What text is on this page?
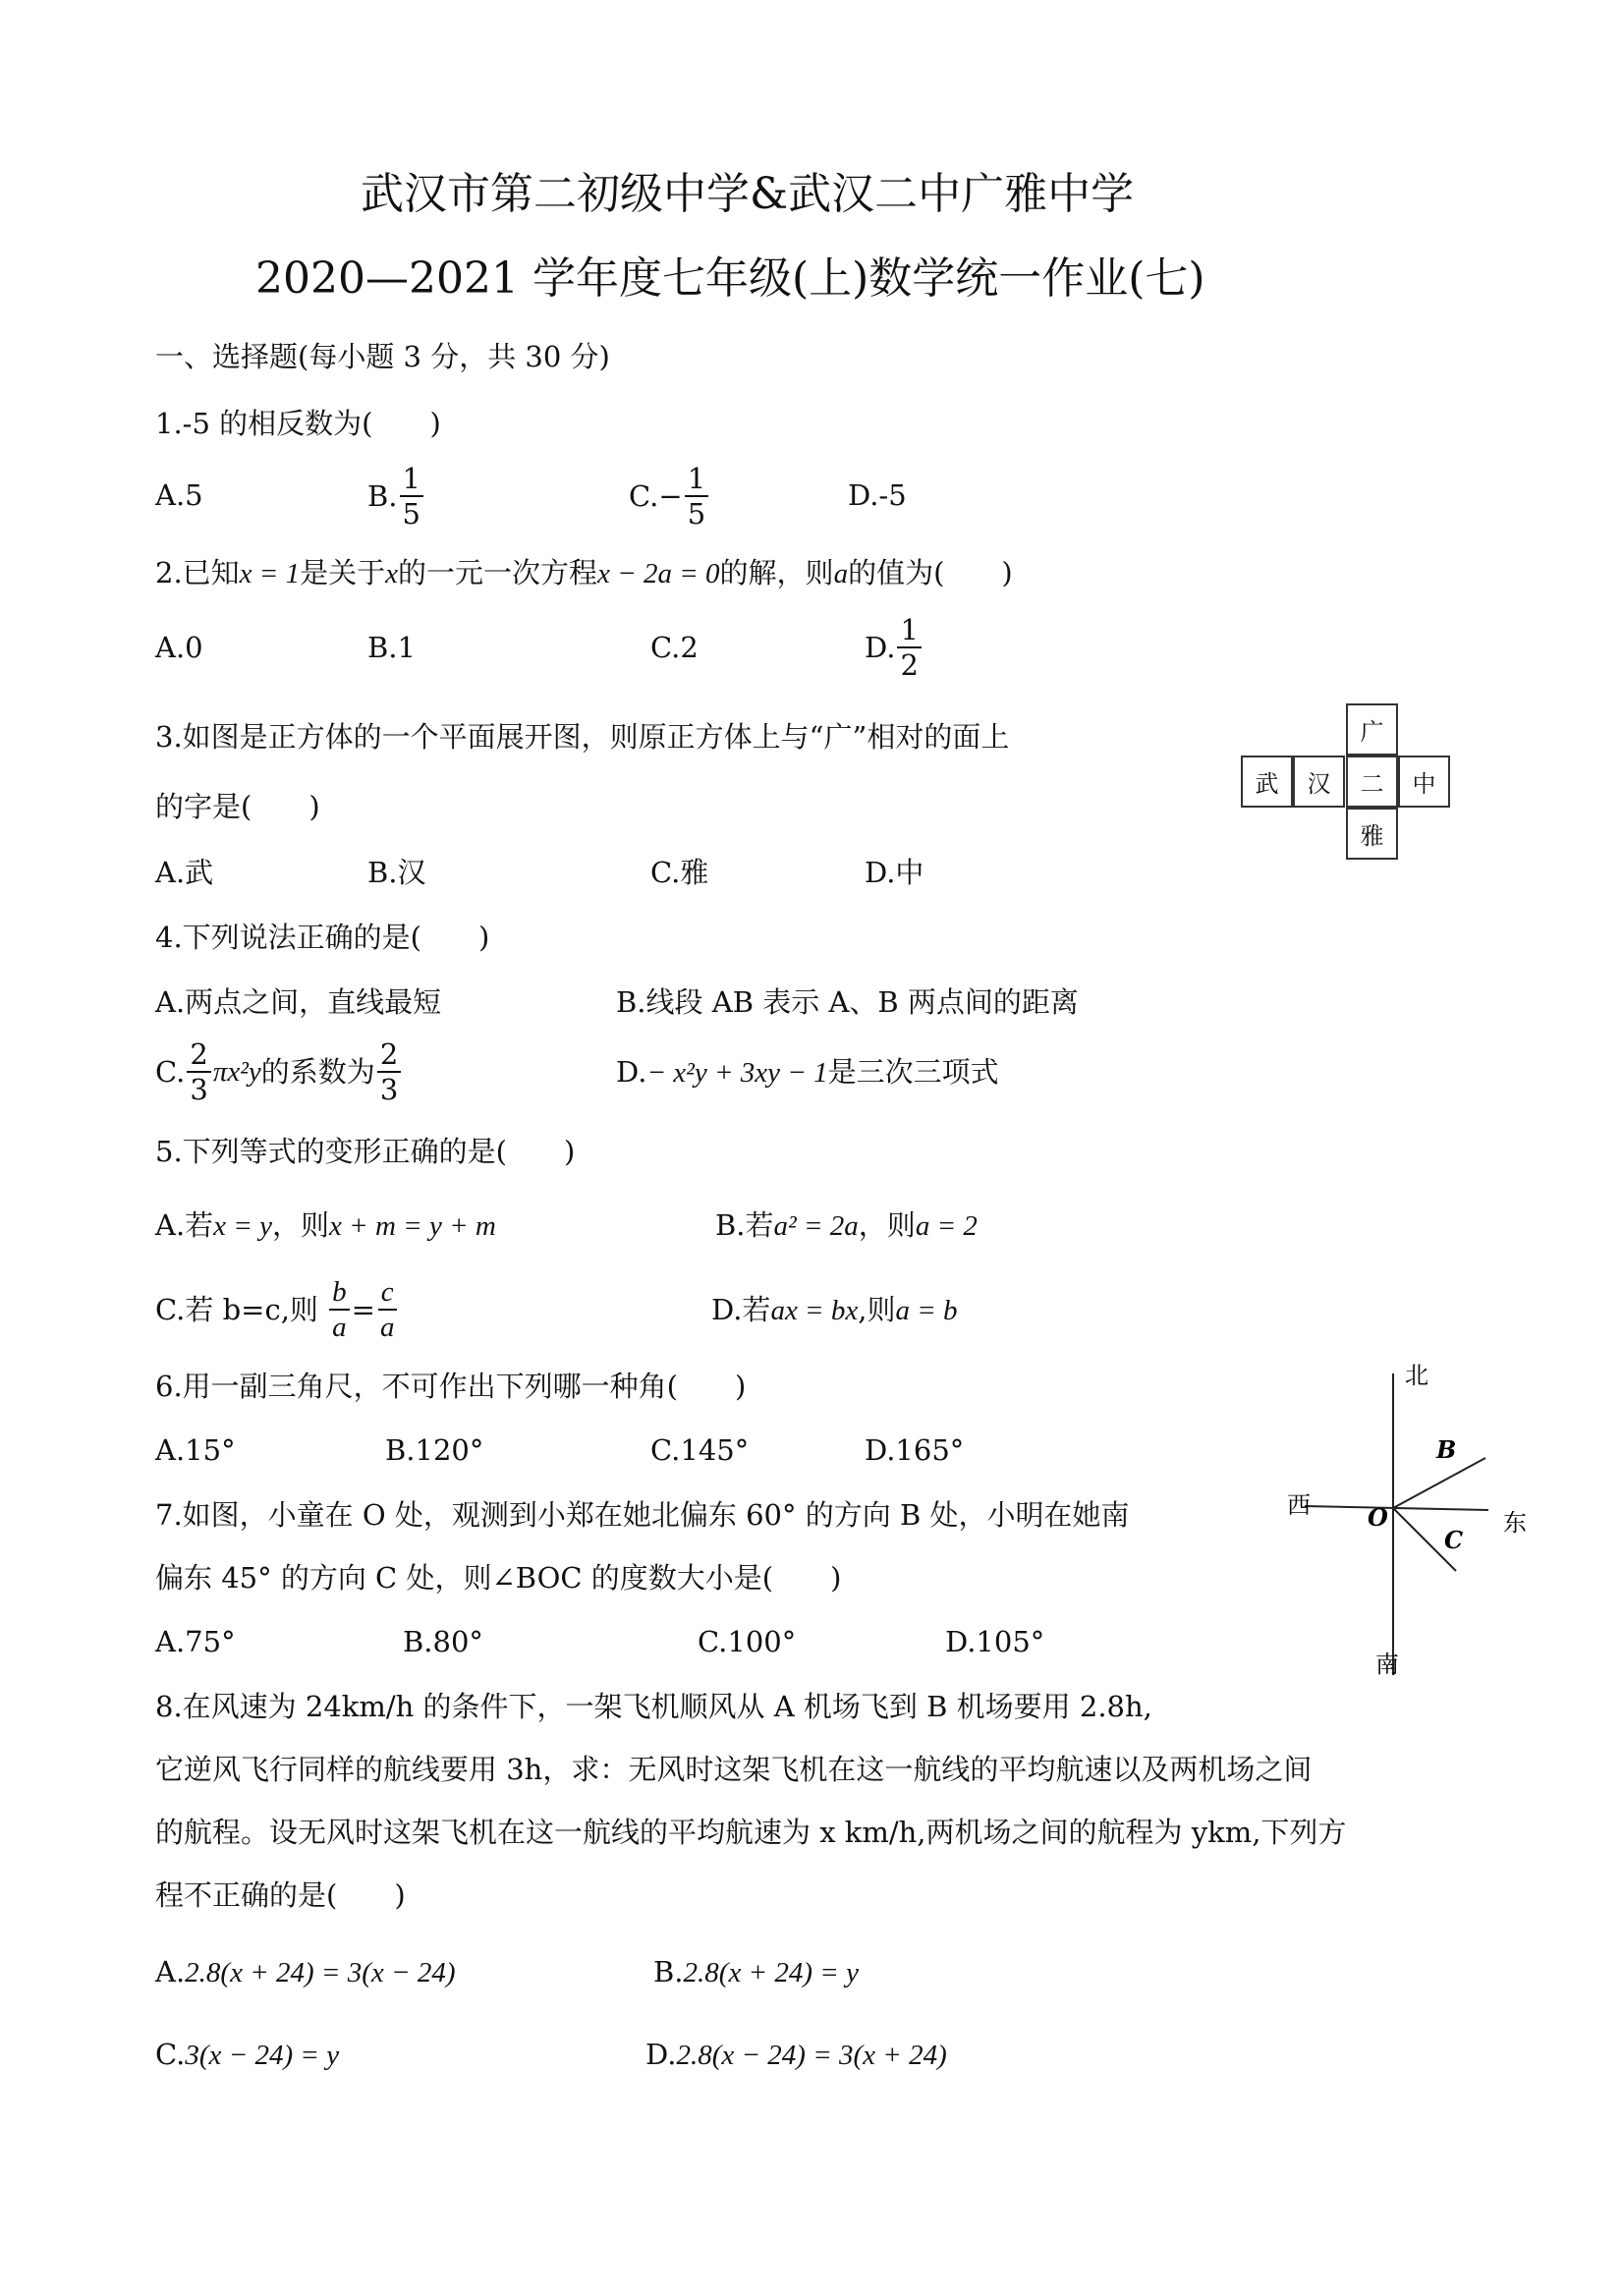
武汉市第二初级中学&武汉二中广雅中学
2020—2021 学年度七年级(上)数学统一作业(七)
一、选择题(每小题 3 分，共 30 分)
1.-5 的相反数为(　　)
A.5	B. $\frac{1}{5}$	$C.- \frac{1}{5}$	D.-5
2.已知x = 1是关于x的一元一次方程x − 2a = 0的解，则a的值为(　　)
A.0	B.1	C.2	D. $\frac{1}{2}$
3.如图是正方体的一个平面展开图，则原正方体上与“广”相对的面上
的字是(　　)
A.武	B.汉	C.雅	D.中
广
武	汉	二	中
雅
4.下列说法正确的是(　　)
A.两点之间，直线最短	B.线段 AB 表示 A、B 两点间的距离
C. $\frac{2}{3} \pi x^2y$的系数为 $\frac{2}{3}$	D.− x²y + 3xy − 1是三次三项式
5.下列等式的变形正确的是(　　)
A.若x = y，则x + m = y + m	B.若a² = 2a，则a = 2
C.若 b=c,则 $\frac{b}{a} = \frac{c}{a}$	D.若ax = bx,则a = b
6.用一副三角尺，不可作出下列哪一种角(　　)
A.15°	B.120°	C.145°	D.165°
7.如图，小童在 O 处，观测到小郑在她北偏东 60° 的方向 B 处，小明在她南
偏东 45° 的方向 C 处，则∠BOC 的度数大小是(　　)
A.75°	B.80°	C.100°	D.105°
北
南
西
东
O
B
C
8.在风速为 24km/h 的条件下，一架飞机顺风从 A 机场飞到 B 机场要用 2.8h,
它逆风飞行同样的航线要用 3h，求：无风时这架飞机在这一航线的平均航速以及两机场之间
的航程。设无风时这架飞机在这一航线的平均航速为 x km/h,两机场之间的航程为 ykm,下列方
程不正确的是(　　)
A.2.8(x + 24) = 3(x − 24)	B.2.8(x + 24) = y
C.3(x − 24) = y	D.2.8(x − 24) = 3(x + 24)
